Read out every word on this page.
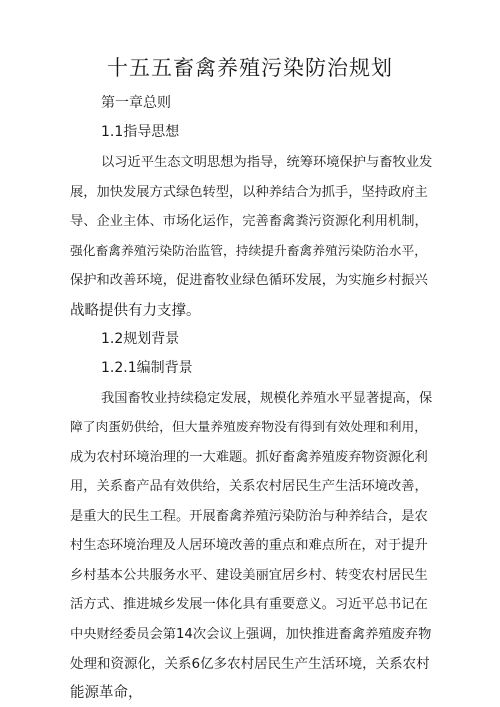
十五五畜禽养殖污染防治规划
第一章总则
1.1指导思想
以习近平生态文明思想为指导，统筹环境保护与畜牧业发
展，加快发展方式绿色转型，以种养结合为抓手，坚持政府主
导、企业主体、市场化运作，完善畜禽粪污资源化利用机制，
强化畜禽养殖污染防治监管，持续提升畜禽养殖污染防治水平，
保护和改善环境，促进畜牧业绿色循环发展，为实施乡村振兴
战略提供有力支撑。
1.2规划背景
1.2.1编制背景
我国畜牧业持续稳定发展，规模化养殖水平显著提高，保
障了肉蛋奶供给，但大量养殖废弃物没有得到有效处理和利用，
成为农村环境治理的一大难题。抓好畜禽养殖废弃物资源化利
用，关系畜产品有效供给，关系农村居民生产生活环境改善，
是重大的民生工程。开展畜禽养殖污染防治与种养结合，是农
村生态环境治理及人居环境改善的重点和难点所在，对于提升
乡村基本公共服务水平、建设美丽宜居乡村、转变农村居民生
活方式、推进城乡发展一体化具有重要意义。习近平总书记在
中央财经委员会第14次会议上强调，加快推进畜禽养殖废弃物
处理和资源化，关系6亿多农村居民生产生活环境，关系农村
能源革命，
